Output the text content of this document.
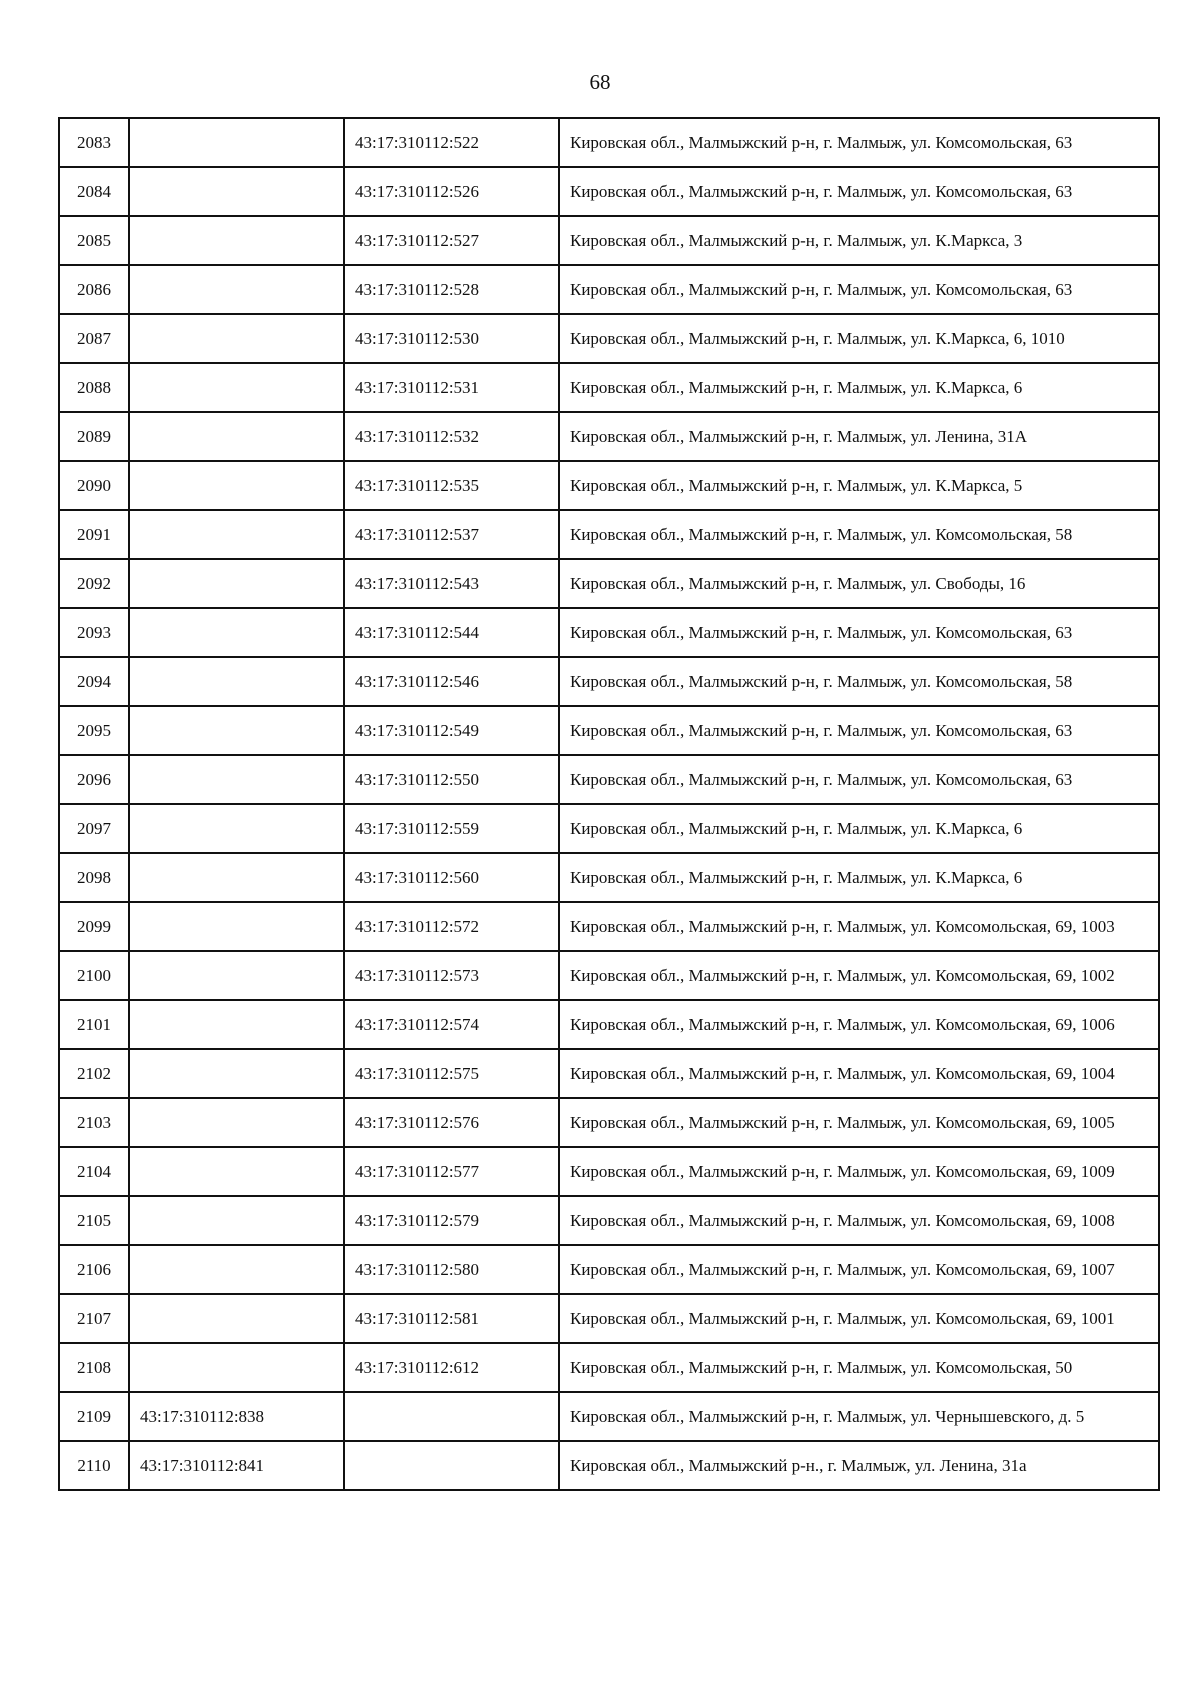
68
2083		43:17:310112:522	Кировская обл., Малмыжский р-н, г. Малмыж, ул. Комсомольская, 63
2084		43:17:310112:526	Кировская обл., Малмыжский р-н, г. Малмыж, ул. Комсомольская, 63
2085		43:17:310112:527	Кировская обл., Малмыжский р-н, г. Малмыж, ул. К.Маркса, 3
2086		43:17:310112:528	Кировская обл., Малмыжский р-н, г. Малмыж, ул. Комсомольская, 63
2087		43:17:310112:530	Кировская обл., Малмыжский р-н, г. Малмыж, ул. К.Маркса, 6, 1010
2088		43:17:310112:531	Кировская обл., Малмыжский р-н, г. Малмыж, ул. К.Маркса, 6
2089		43:17:310112:532	Кировская обл., Малмыжский р-н, г. Малмыж, ул. Ленина, 31А
2090		43:17:310112:535	Кировская обл., Малмыжский р-н, г. Малмыж, ул. К.Маркса, 5
2091		43:17:310112:537	Кировская обл., Малмыжский р-н, г. Малмыж, ул. Комсомольская, 58
2092		43:17:310112:543	Кировская обл., Малмыжский р-н, г. Малмыж, ул. Свободы, 16
2093		43:17:310112:544	Кировская обл., Малмыжский р-н, г. Малмыж, ул. Комсомольская, 63
2094		43:17:310112:546	Кировская обл., Малмыжский р-н, г. Малмыж, ул. Комсомольская, 58
2095		43:17:310112:549	Кировская обл., Малмыжский р-н, г. Малмыж, ул. Комсомольская, 63
2096		43:17:310112:550	Кировская обл., Малмыжский р-н, г. Малмыж, ул. Комсомольская, 63
2097		43:17:310112:559	Кировская обл., Малмыжский р-н, г. Малмыж, ул. К.Маркса, 6
2098		43:17:310112:560	Кировская обл., Малмыжский р-н, г. Малмыж, ул. К.Маркса, 6
2099		43:17:310112:572	Кировская обл., Малмыжский р-н, г. Малмыж, ул. Комсомольская, 69, 1003
2100		43:17:310112:573	Кировская обл., Малмыжский р-н, г. Малмыж, ул. Комсомольская, 69, 1002
2101		43:17:310112:574	Кировская обл., Малмыжский р-н, г. Малмыж, ул. Комсомольская, 69, 1006
2102		43:17:310112:575	Кировская обл., Малмыжский р-н, г. Малмыж, ул. Комсомольская, 69, 1004
2103		43:17:310112:576	Кировская обл., Малмыжский р-н, г. Малмыж, ул. Комсомольская, 69, 1005
2104		43:17:310112:577	Кировская обл., Малмыжский р-н, г. Малмыж, ул. Комсомольская, 69, 1009
2105		43:17:310112:579	Кировская обл., Малмыжский р-н, г. Малмыж, ул. Комсомольская, 69, 1008
2106		43:17:310112:580	Кировская обл., Малмыжский р-н, г. Малмыж, ул. Комсомольская, 69, 1007
2107		43:17:310112:581	Кировская обл., Малмыжский р-н, г. Малмыж, ул. Комсомольская, 69, 1001
2108		43:17:310112:612	Кировская обл., Малмыжский р-н, г. Малмыж, ул. Комсомольская, 50
2109	43:17:310112:838		Кировская обл., Малмыжский р-н, г. Малмыж, ул. Чернышевского, д. 5
2110	43:17:310112:841		Кировская обл., Малмыжский р-н., г. Малмыж, ул. Ленина, 31а
